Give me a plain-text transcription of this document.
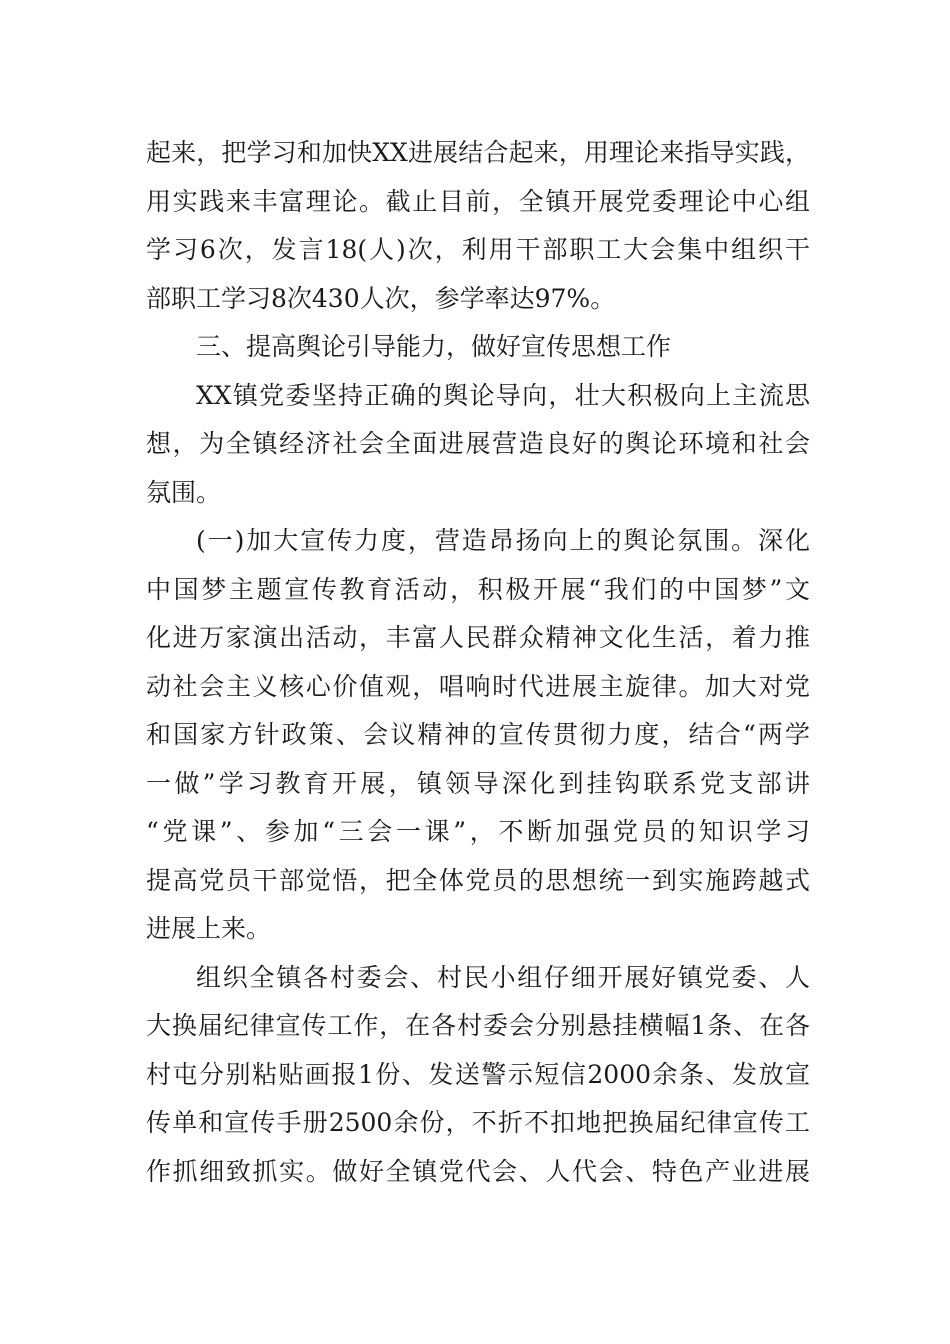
起来，把学习和加快XX进展结合起来，用理论来指导实践，
用实践来丰富理论。截止目前，全镇开展党委理论中心组
学习6次，发言18(人)次，利用干部职工大会集中组织干
部职工学习8次430人次，参学率达97%。
三、提高舆论引导能力，做好宣传思想工作
XX镇党委坚持正确的舆论导向，壮大积极向上主流思
想，为全镇经济社会全面进展营造良好的舆论环境和社会
氛围。
(一)加大宣传力度，营造昂扬向上的舆论氛围。深化
中国梦主题宣传教育活动，积极开展“我们的中国梦”文
化进万家演出活动，丰富人民群众精神文化生活，着力推
动社会主义核心价值观，唱响时代进展主旋律。加大对党
和国家方针政策、会议精神的宣传贯彻力度，结合“两学
一做”学习教育开展，镇领导深化到挂钩联系党支部讲
“党课”、参加“三会一课”，不断加强党员的知识学习
提高党员干部觉悟，把全体党员的思想统一到实施跨越式
进展上来。
组织全镇各村委会、村民小组仔细开展好镇党委、人
大换届纪律宣传工作，在各村委会分别悬挂横幅1条、在各
村屯分别粘贴画报1份、发送警示短信2000余条、发放宣
传单和宣传手册2500余份，不折不扣地把换届纪律宣传工
作抓细致抓实。做好全镇党代会、人代会、特色产业进展
